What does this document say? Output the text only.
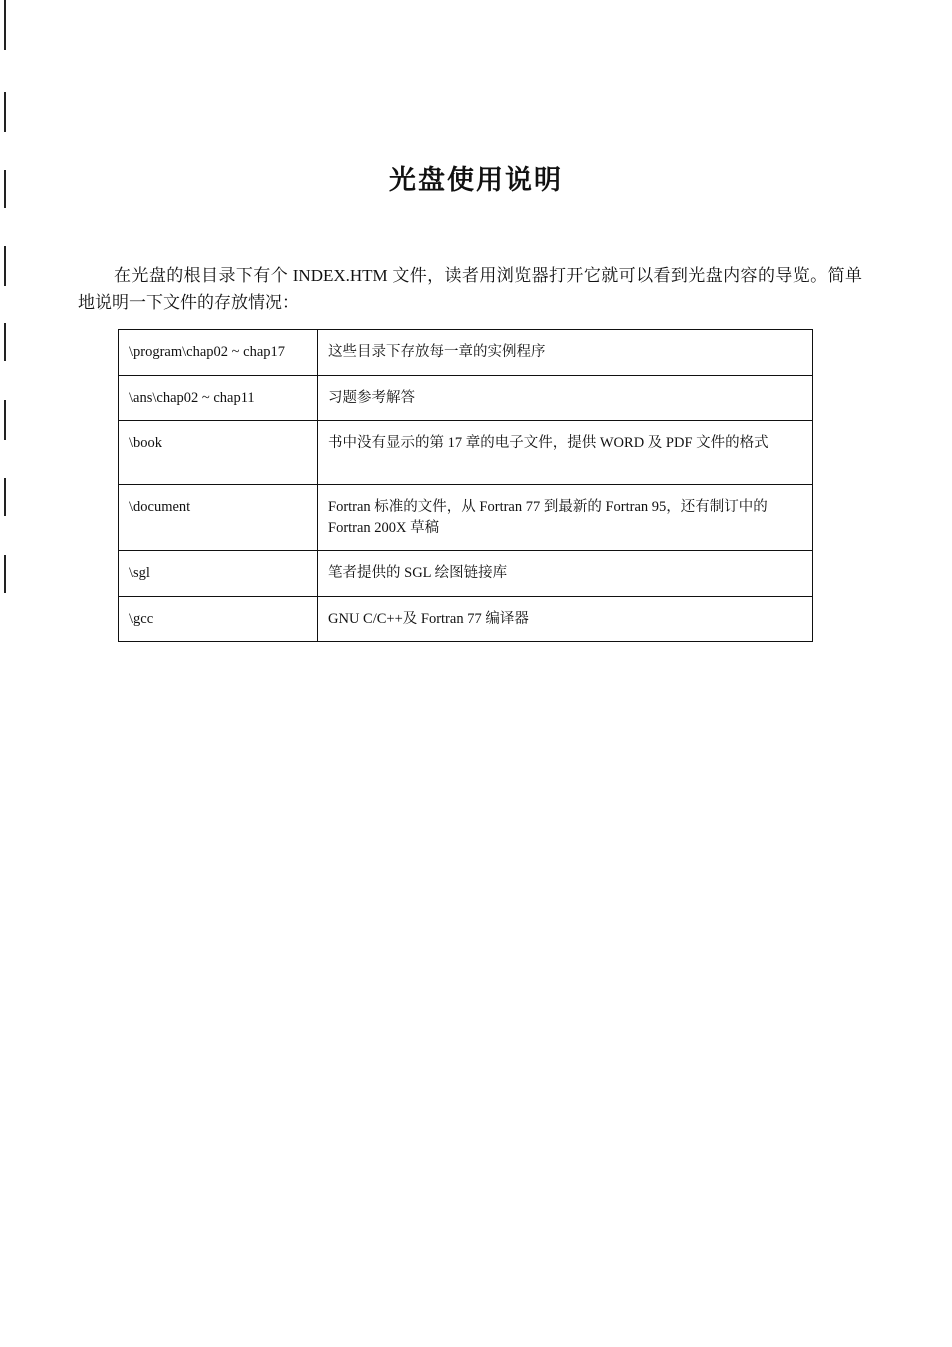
光盘使用说明

在光盘的根目录下有个 INDEX.HTM 文件，读者用浏览器打开它就可以看到光盘内容的导览。简单地说明一下文件的存放情况：

\program\chap02 ~ chap17	这些目录下存放每一章的实例程序
\ans\chap02 ~ chap11	习题参考解答
\book	书中没有显示的第 17 章的电子文件，提供 WORD 及 PDF 文件的格式
\document	Fortran 标准的文件，从 Fortran 77 到最新的 Fortran 95，还有制订中的 Fortran 200X 草稿
\sgl	笔者提供的 SGL 绘图链接库
\gcc	GNU C/C++及 Fortran 77 编译器
